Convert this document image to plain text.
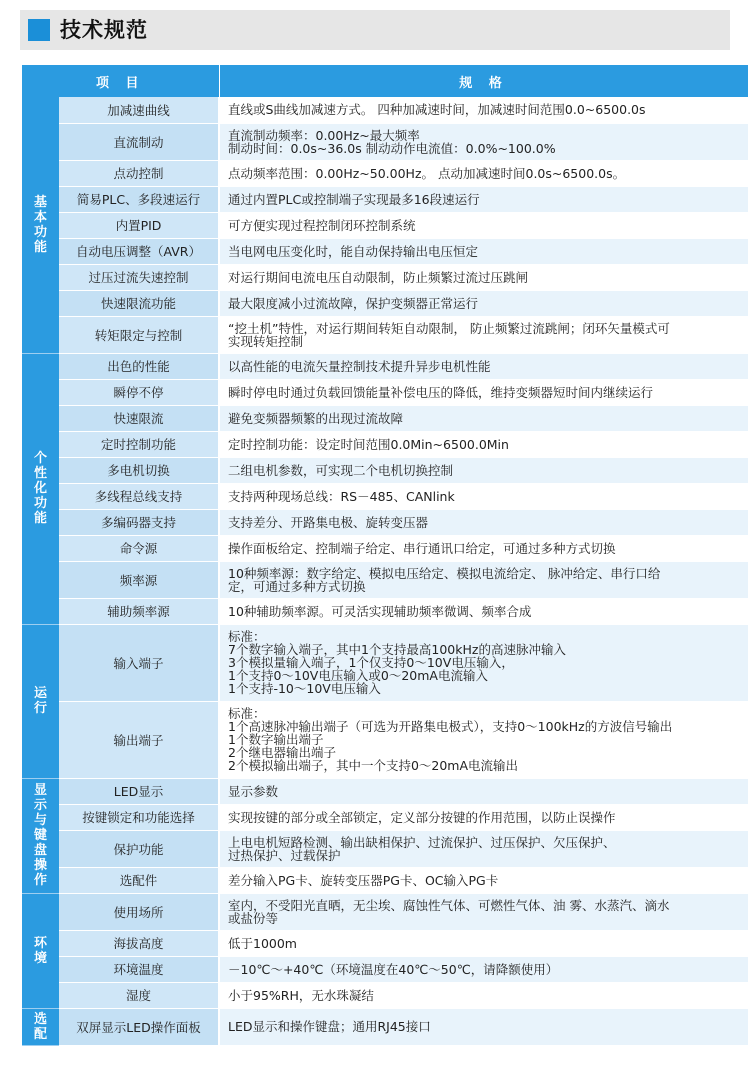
技术规范
项 目		规 格
基本功能	加减速曲线	直线或S曲线加减速方式。 四种加减速时间，加减速时间范围0.0~6500.0s

	直流制动	直流制动频率：0.00Hz~最大频率
制动时间：0.0s~36.0s 制动动作电流值：0.0%~100.0%

	点动控制	点动频率范围：0.00Hz~50.00Hz。 点动加减速时间0.0s~6500.0s。

	简易PLC、多段速运行	通过内置PLC或控制端子实现最多16段速运行

	内置PID	可方便实现过程控制闭环控制系统

	自动电压调整（AVR）	当电网电压变化时，能自动保持输出电压恒定

	过压过流失速控制	对运行期间电流电压自动限制，防止频繁过流过压跳闸

	快速限流功能	最大限度减小过流故障，保护变频器正常运行

	转矩限定与控制	“挖土机”特性，对运行期间转矩自动限制， 防止频繁过流跳闸；闭环矢量模式可
实现转矩控制

个性化功能	出色的性能	以高性能的电流矢量控制技术提升异步电机性能

	瞬停不停	瞬时停电时通过负载回馈能量补偿电压的降低，维持变频器短时间内继续运行

	快速限流	避免变频器频繁的出现过流故障

	定时控制功能	定时控制功能：设定时间范围0.0Min~6500.0Min

	多电机切换	二组电机参数，可实现二个电机切换控制

	多线程总线支持	支持两种现场总线：RS－485、CANlink

	多编码器支持	支持差分、开路集电极、旋转变压器

	命令源	操作面板给定、控制端子给定、串行通讯口给定，可通过多种方式切换

	频率源	10种频率源：数字给定、模拟电压给定、模拟电流给定、 脉冲给定、串行口给
定，可通过多种方式切换

	辅助频率源	10种辅助频率源。可灵活实现辅助频率微调、频率合成

运行	输入端子	标准：
7个数字输入端子，其中1个支持最高100kHz的高速脉冲输入
3个模拟量输入端子，1个仅支持0～10V电压输入，
1个支持0～10V电压输入或0～20mA电流输入
1个支持-10～10V电压输入

	输出端子	标准：
1个高速脉冲输出端子（可选为开路集电极式），支持0～100kHz的方波信号输出
1个数字输出端子
2个继电器输出端子
2个模拟输出端子，其中一个支持0～20mA电流输出

显示与键盘操作	LED显示	显示参数

	按键锁定和功能选择	实现按键的部分或全部锁定，定义部分按键的作用范围，以防止误操作

	保护功能	上电电机短路检测、输出缺相保护、过流保护、过压保护、欠压保护、
过热保护、过载保护

	选配件	差分输入PG卡、旋转变压器PG卡、OC输入PG卡

环境	使用场所	室内，不受阳光直晒，无尘埃、腐蚀性气体、可燃性气体、油 雾、水蒸汽、滴水
或盐份等

	海拔高度	低于1000m

	环境温度	－10℃～+40℃（环境温度在40℃～50℃，请降额使用）

	湿度	小于95%RH，无水珠凝结

选配	双屏显示LED操作面板	LED显示和操作键盘；通用RJ45接口
